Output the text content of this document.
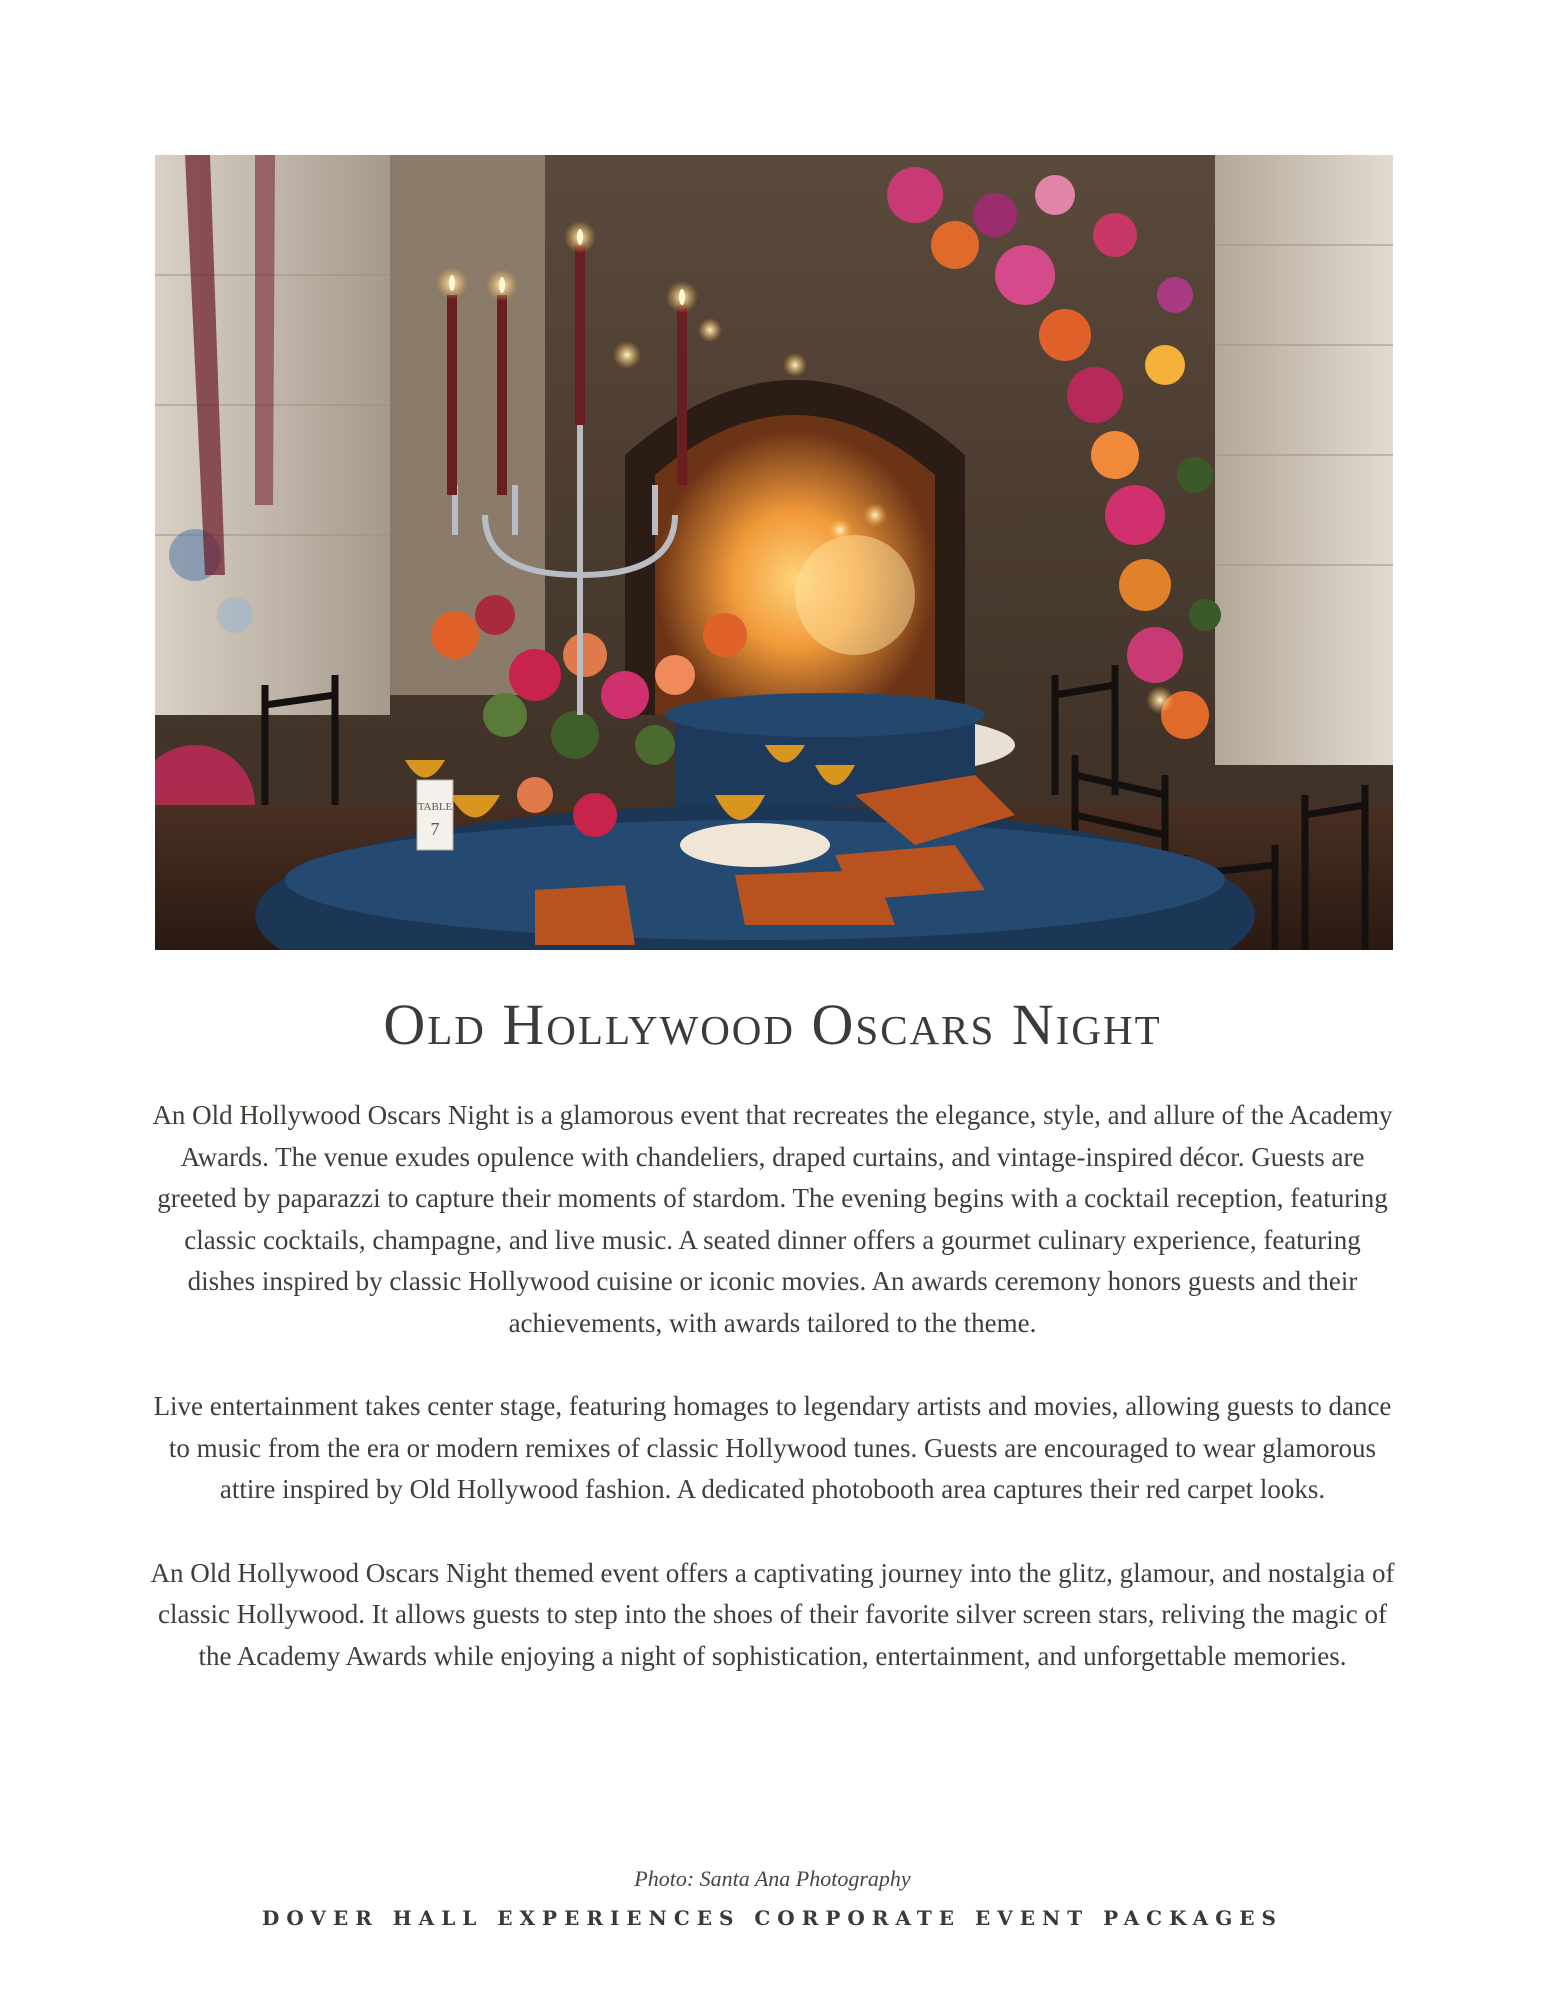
TABLE
7
Old Hollywood Oscars Night

An Old Hollywood Oscars Night is a glamorous event that recreates the elegance, style, and allure of the Academy Awards. The venue exudes opulence with chandeliers, draped curtains, and vintage-inspired décor. Guests are greeted by paparazzi to capture their moments of stardom. The evening begins with a cocktail reception, featuring classic cocktails, champagne, and live music. A seated dinner offers a gourmet culinary experience, featuring dishes inspired by classic Hollywood cuisine or iconic movies. An awards ceremony honors guests and their achievements, with awards tailored to the theme.

Live entertainment takes center stage, featuring homages to legendary artists and movies, allowing guests to dance to music from the era or modern remixes of classic Hollywood tunes. Guests are encouraged to wear glamorous attire inspired by Old Hollywood fashion. A dedicated photobooth area captures their red carpet looks.

An Old Hollywood Oscars Night themed event offers a captivating journey into the glitz, glamour, and nostalgia of classic Hollywood. It allows guests to step into the shoes of their favorite silver screen stars, reliving the magic of the Academy Awards while enjoying a night of sophistication, entertainment, and unforgettable memories.

Photo: Santa Ana Photography
DOVER HALL EXPERIENCES CORPORATE EVENT PACKAGES
